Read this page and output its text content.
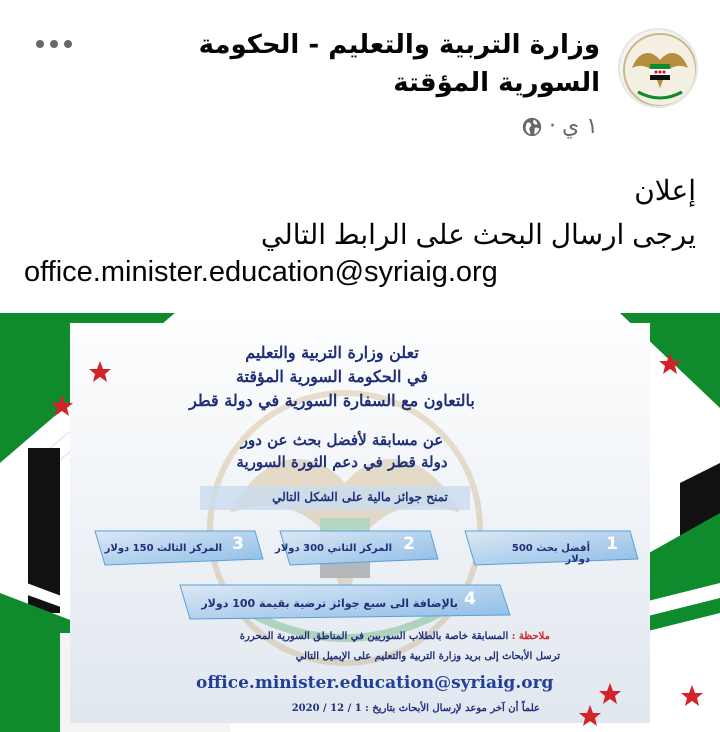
وزارة التربية والتعليم - الحكومة السورية المؤقتة
١ ي
·
إعلان
يرجى ارسال البحث على الرابط التالي
office.minister.education@syriaig.org
تعلن وزارة التربية والتعليم
في الحكومة السورية المؤقتة
بالتعاون مع السفارة السورية في دولة قطر
عن مسابقة لأفضل بحث عن دور
دولة قطر في دعم الثورة السورية
تمنح جوائز مالية على الشكل التالي
1
أفضل بحث 500 دولار
2
المركز الثاني 300 دولار
3
المركز الثالث 150 دولار
4
بالإضافة الى سبع جوائز ترضية بقيمة 100 دولار
ملاحظة : المسابقة خاصة بالطلاب السوريين في المناطق السورية المحررة
ترسل الأبحاث إلى بريد وزارة التربية والتعليم على الإيميل التالي
office.minister.education@syriaig.org
علماً أن آخر موعد لإرسال الأبحاث بتاريخ : 1 / 12 / 2020
